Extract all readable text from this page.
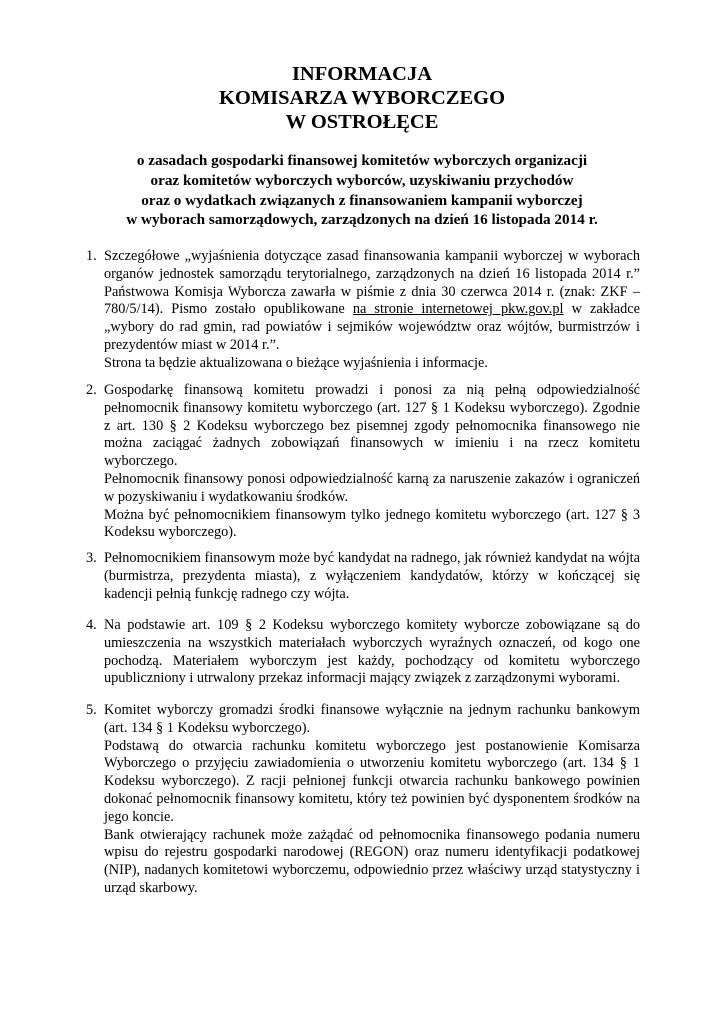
INFORMACJA
KOMISARZA WYBORCZEGO
W OSTROŁĘCE
o zasadach gospodarki finansowej komitetów wyborczych organizacji
oraz komitetów wyborczych wyborców, uzyskiwaniu przychodów
oraz o wydatkach związanych z finansowaniem kampanii wyborczej
w wyborach samorządowych, zarządzonych na dzień 16 listopada 2014 r.
1. Szczegółowe „wyjaśnienia dotyczące zasad finansowania kampanii wyborczej w wyborach organów jednostek samorządu terytorialnego, zarządzonych na dzień 16 listopada 2014 r.” Państwowa Komisja Wyborcza zawarła w piśmie z dnia 30 czerwca 2014 r. (znak: ZKF – 780/5/14). Pismo zostało opublikowane na stronie internetowej pkw.gov.pl w zakładce „wybory do rad gmin, rad powiatów i sejmików województw oraz wójtów, burmistrzów i prezydentów miast w 2014 r.”.

Strona ta będzie aktualizowana o bieżące wyjaśnienia i informacje.

2. Gospodarkę finansową komitetu prowadzi i ponosi za nią pełną odpowiedzialność pełnomocnik finansowy komitetu wyborczego (art. 127 § 1 Kodeksu wyborczego). Zgodnie z art. 130 § 2 Kodeksu wyborczego bez pisemnej zgody pełnomocnika finansowego nie można zaciągać żadnych zobowiązań finansowych w imieniu i na rzecz komitetu wyborczego.

Pełnomocnik finansowy ponosi odpowiedzialność karną za naruszenie zakazów i ograniczeń w pozyskiwaniu i wydatkowaniu środków.

Można być pełnomocnikiem finansowym tylko jednego komitetu wyborczego (art. 127 § 3 Kodeksu wyborczego).

3. Pełnomocnikiem finansowym może być kandydat na radnego, jak również kandydat na wójta (burmistrza, prezydenta miasta), z wyłączeniem kandydatów, którzy w kończącej się kadencji pełnią funkcję radnego czy wójta.

4. Na podstawie art. 109 § 2 Kodeksu wyborczego komitety wyborcze zobowiązane są do umieszczenia na wszystkich materiałach wyborczych wyraźnych oznaczeń, od kogo one pochodzą. Materiałem wyborczym jest każdy, pochodzący od komitetu wyborczego upubliczniony i utrwalony przekaz informacji mający związek z zarządzonymi wyborami.

5. Komitet wyborczy gromadzi środki finansowe wyłącznie na jednym rachunku bankowym (art. 134 § 1 Kodeksu wyborczego).

Podstawą do otwarcia rachunku komitetu wyborczego jest postanowienie Komisarza Wyborczego o przyjęciu zawiadomienia o utworzeniu komitetu wyborczego (art. 134 § 1 Kodeksu wyborczego). Z racji pełnionej funkcji otwarcia rachunku bankowego powinien dokonać pełnomocnik finansowy komitetu, który też powinien być dysponentem środków na jego koncie.

Bank otwierający rachunek może zażądać od pełnomocnika finansowego podania numeru wpisu do rejestru gospodarki narodowej (REGON) oraz numeru identyfikacji podatkowej (NIP), nadanych komitetowi wyborczemu, odpowiednio przez właściwy urząd statystyczny i urząd skarbowy.
